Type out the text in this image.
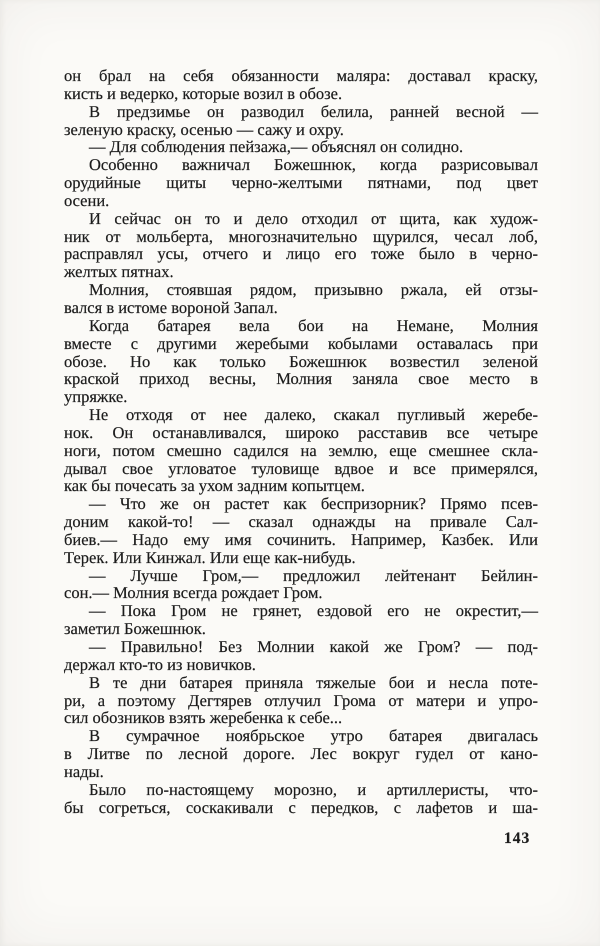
он брал на себя обязанности маляра: доставал краску,
кисть и ведерко, которые возил в обозе.
В предзимье он разводил белила, ранней весной —
зеленую краску, осенью — сажу и охру.
— Для соблюдения пейзажа,— объяснял он солидно.
Особенно важничал Божешнюк, когда разрисовывал
орудийные щиты черно-желтыми пятнами, под цвет
осени.
И сейчас он то и дело отходил от щита, как худож-
ник от мольберта, многозначительно щурился, чесал лоб,
расправлял усы, отчего и лицо его тоже было в черно-
желтых пятнах.
Молния, стоявшая рядом, призывно ржала, ей отзы-
вался в истоме вороной Запал.
Когда батарея вела бои на Немане, Молния
вместе с другими жеребыми кобылами оставалась при
обозе. Но как только Божешнюк возвестил зеленой
краской приход весны, Молния заняла свое место в
упряжке.
Не отходя от нее далеко, скакал пугливый жеребе-
нок. Он останавливался, широко расставив все четыре
ноги, потом смешно садился на землю, еще смешнее скла-
дывал свое угловатое туловище вдвое и все примерялся,
как бы почесать за ухом задним копытцем.
— Что же он растет как беспризорник? Прямо псев-
доним какой-то! — сказал однажды на привале Сал-
биев.— Надо ему имя сочинить. Например, Казбек. Или
Терек. Или Кинжал. Или еще как-нибудь.
— Лучше Гром,— предложил лейтенант Бейлин-
сон.— Молния всегда рождает Гром.
— Пока Гром не грянет, ездовой его не окрестит,—
заметил Божешнюк.
— Правильно! Без Молнии какой же Гром? — под-
держал кто-то из новичков.
В те дни батарея приняла тяжелые бои и несла поте-
ри, а поэтому Дегтярев отлучил Грома от матери и упро-
сил обозников взять жеребенка к себе...
В сумрачное ноябрьское утро батарея двигалась
в Литве по лесной дороге. Лес вокруг гудел от кано-
нады.
Было по-настоящему морозно, и артиллеристы, что-
бы согреться, соскакивали с передков, с лафетов и ша-
143
